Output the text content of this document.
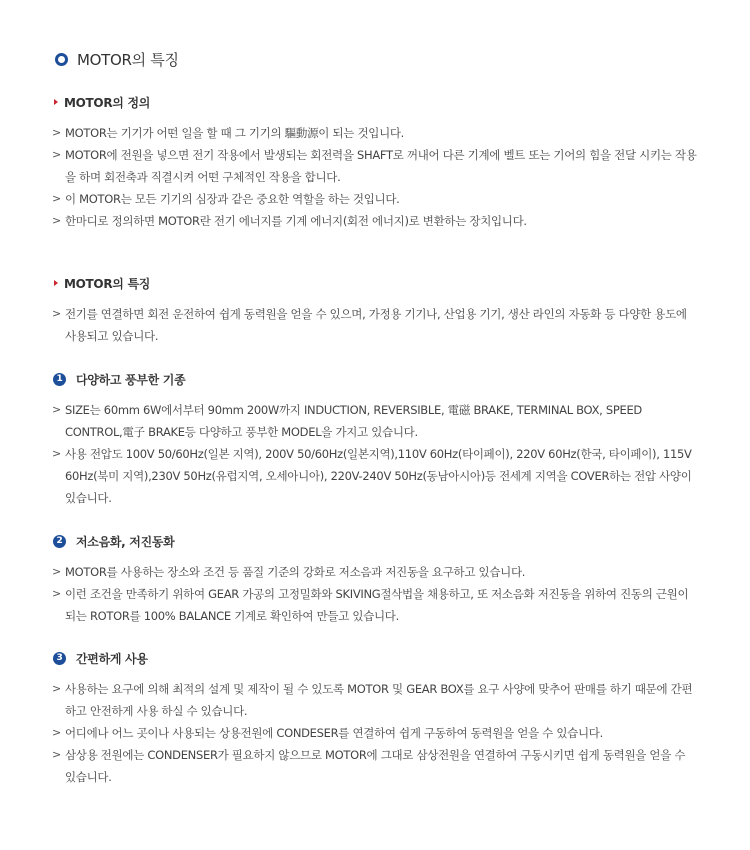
MOTOR의 특징
MOTOR의 정의
> MOTOR는 기기가 어떤 일을 할 때 그 기기의 驅動源이 되는 것입니다.
> MOTOR에 전원을 넣으면 전기 작용에서 발생되는 회전력을 SHAFT로 꺼내어 다른 기계에 벨트 또는 기어의 힘을 전달 시키는 작용을 하며 회전축과 직결시켜 어떤 구체적인 작용을 합니다.
> 이 MOTOR는 모든 기기의 심장과 같은 중요한 역할을 하는 것입니다.
> 한마디로 정의하면 MOTOR란 전기 에너지를 기계 에너지(회전 에너지)로 변환하는 장치입니다.
MOTOR의 특징
> 전기를 연결하면 회전 운전하여 쉽게 동력원을 얻을 수 있으며, 가정용 기기나, 산업용 기기, 생산 라인의 자동화 등 다양한 용도에 사용되고 있습니다.
1 다양하고 풍부한 기종
> SIZE는 60mm 6W에서부터 90mm 200W까지 INDUCTION, REVERSIBLE, 電磁 BRAKE, TERMINAL BOX, SPEED CONTROL,電子 BRAKE등 다양하고 풍부한 MODEL을 가지고 있습니다.
> 사용 전압도 100V 50/60Hz(일본 지역), 200V 50/60Hz(일본지역),110V 60Hz(타이페이), 220V 60Hz(한국, 타이페이), 115V 60Hz(북미 지역),230V 50Hz(유럽지역, 오세아니아), 220V-240V 50Hz(동남아시아)등 전세계 지역을 COVER하는 전압 사양이 있습니다.
2 저소음화, 저진동화
> MOTOR를 사용하는 장소와 조건 등 품질 기준의 강화로 저소음과 저진동을 요구하고 있습니다.
> 이런 조건을 만족하기 위하여 GEAR 가공의 고정밀화와 SKIVING절삭법을 채용하고, 또 저소음화 저진동을 위하여 진동의 근원이 되는 ROTOR를 100% BALANCE 기계로 확인하여 만들고 있습니다.
3 간편하게 사용
> 사용하는 요구에 의해 최적의 설계 및 제작이 될 수 있도록 MOTOR 및 GEAR BOX를 요구 사양에 맞추어 판매를 하기 때문에 간편하고 안전하게 사용 하실 수 있습니다.
> 어디에나 어느 곳이나 사용되는 상용전원에 CONDESER를 연결하여 쉽게 구동하여 동력원을 얻을 수 있습니다.
> 삼상용 전원에는 CONDENSER가 필요하지 않으므로 MOTOR에 그대로 삼상전원을 연결하여 구동시키면 쉽게 동력원을 얻을 수 있습니다.
